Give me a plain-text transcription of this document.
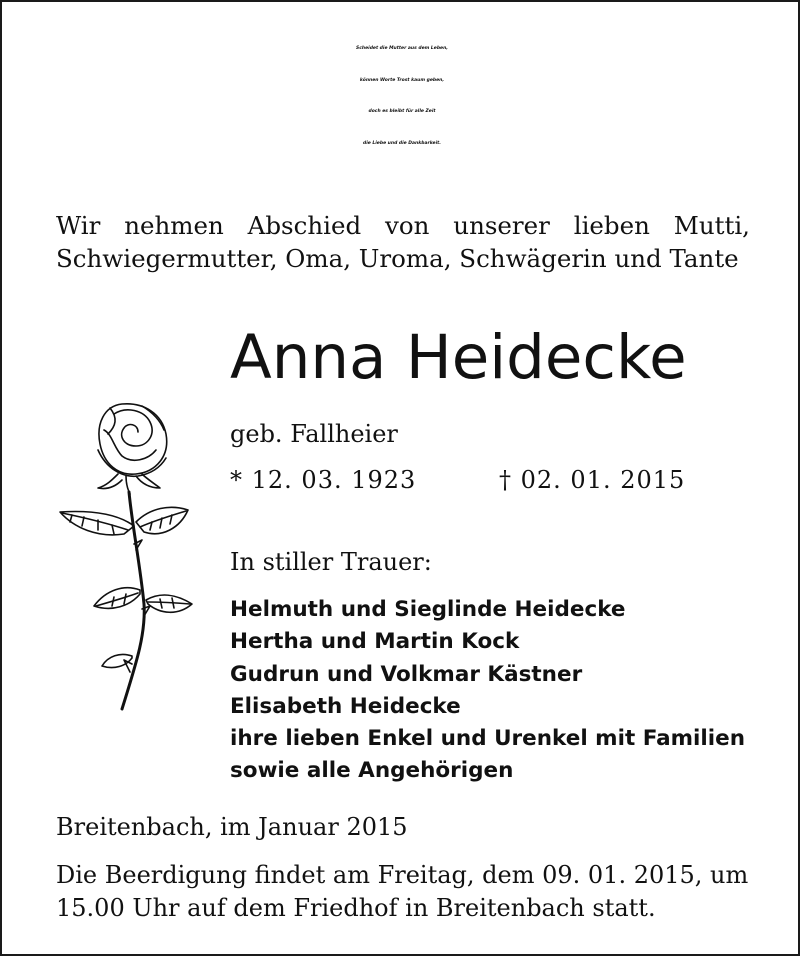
Scheidet die Mutter aus dem Leben,
können Worte Trost kaum geben,
doch es bleibt für alle Zeit
die Liebe und die Dankbarkeit.
Wir nehmen Abschied von unserer lieben Mutti,
Schwiegermutter, Oma, Uroma, Schwägerin und Tante
Anna Heidecke
geb. Fallheier
* 12. 03. 1923	† 02. 01. 2015
In stiller Trauer:
Helmuth und Sieglinde Heidecke
Hertha und Martin Kock
Gudrun und Volkmar Kästner
Elisabeth Heidecke
ihre lieben Enkel und Urenkel mit Familien
sowie alle Angehörigen
Breitenbach, im Januar 2015
Die Beerdigung findet am Freitag, dem 09. 01. 2015, um
15.00 Uhr auf dem Friedhof in Breitenbach statt.
